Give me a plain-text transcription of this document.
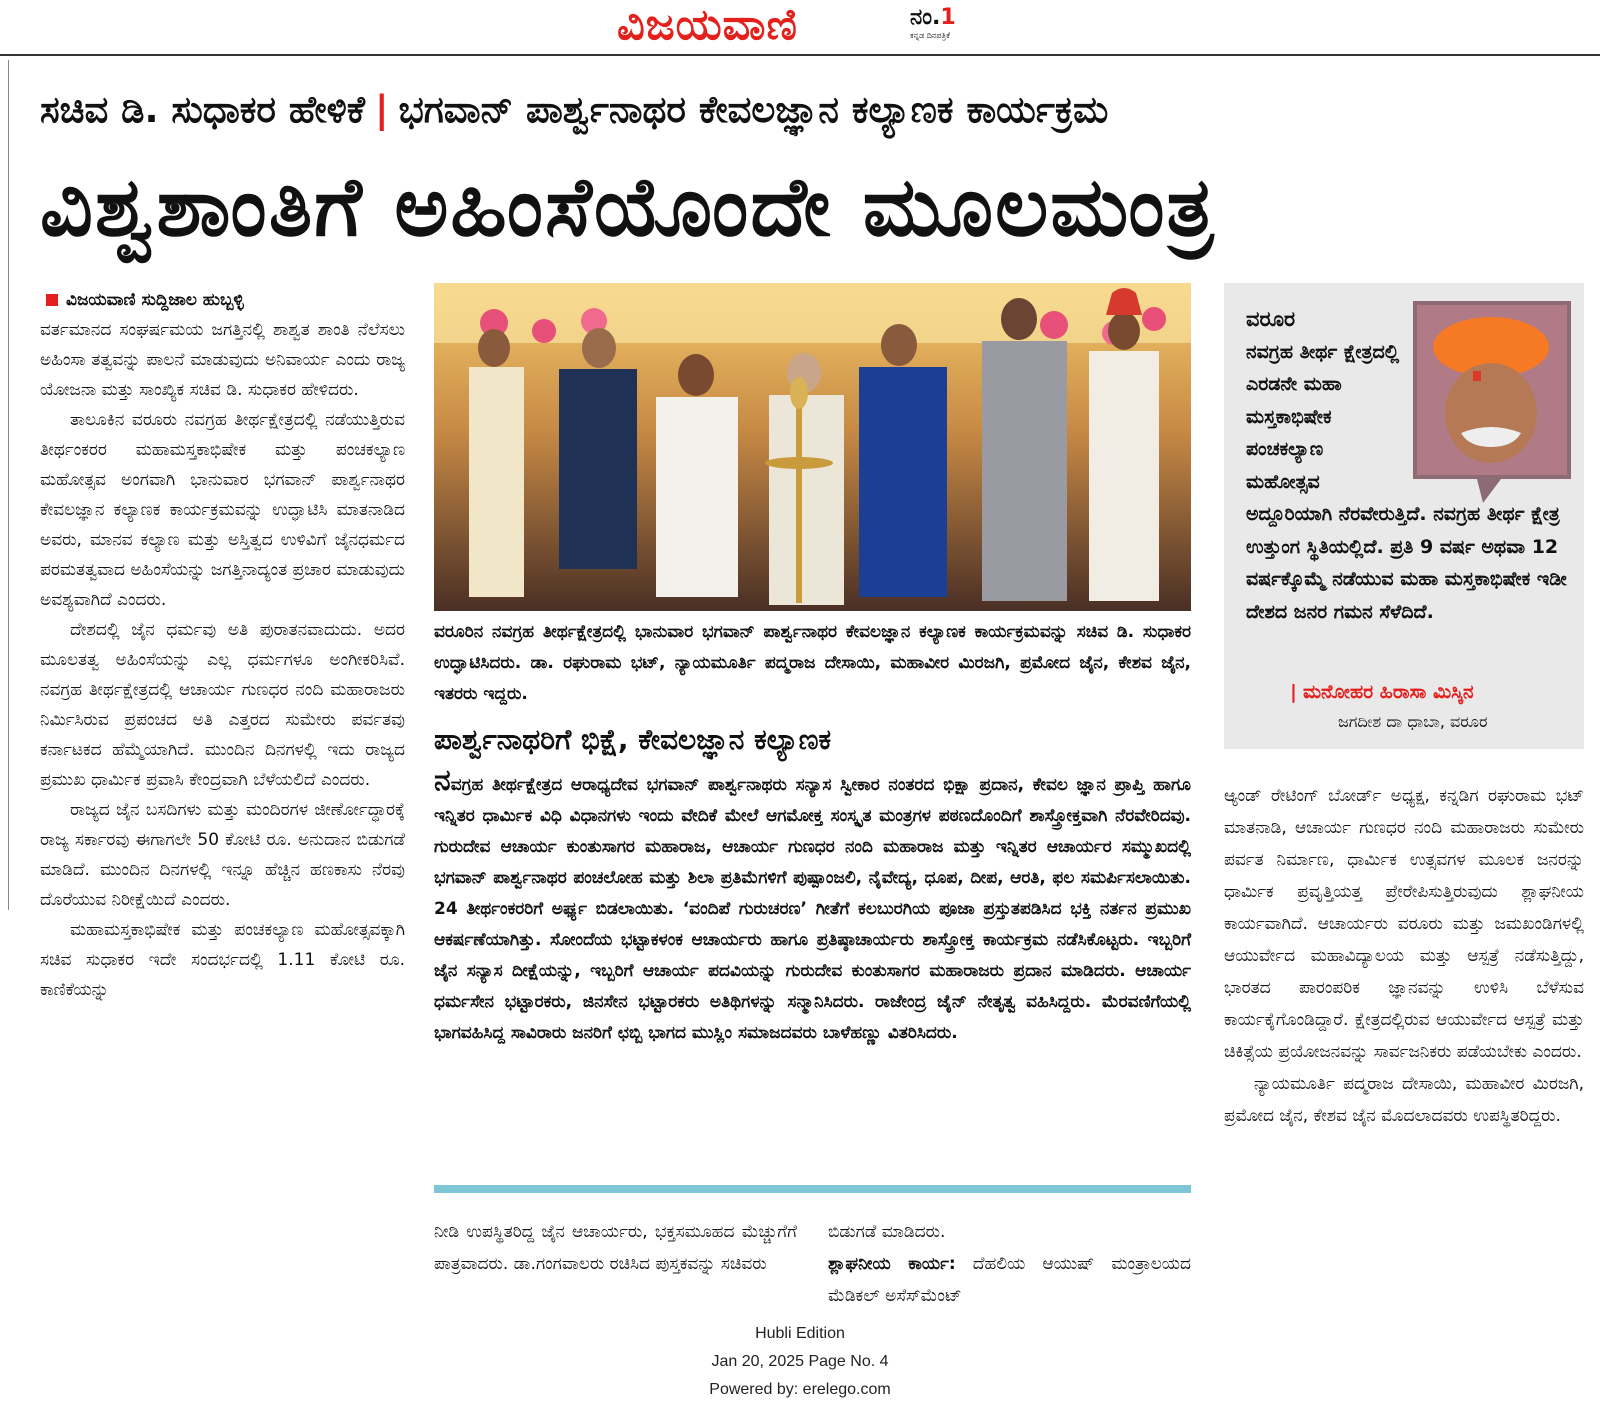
ವಿಜಯವಾಣಿ	ನಂ.1
ಕನ್ನಡ ದಿನಪತ್ರಿಕೆ
ಸಚಿವ ಡಿ. ಸುಧಾಕರ ಹೇಳಿಕೆ | ಭಗವಾನ್ ಪಾರ್ಶ್ವನಾಥರ ಕೇವಲಜ್ಞಾನ ಕಲ್ಯಾಣಕ ಕಾರ್ಯಕ್ರಮ
ವಿಶ್ವಶಾಂತಿಗೆ ಅಹಿಂಸೆಯೊಂದೇ ಮೂಲಮಂತ್ರ

ವಿಜಯವಾಣಿ ಸುದ್ದಿಜಾಲ ಹುಬ್ಬಳ್ಳಿ

ವರ್ತಮಾನದ ಸಂಘರ್ಷಮಯ ಜಗತ್ತಿನಲ್ಲಿ ಶಾಶ್ವತ ಶಾಂತಿ ನೆಲೆಸಲು ಅಹಿಂಸಾ ತತ್ವವನ್ನು ಪಾಲನೆ ಮಾಡುವುದು ಅನಿವಾರ್ಯ ಎಂದು ರಾಜ್ಯ ಯೋಜನಾ ಮತ್ತು ಸಾಂಖ್ಯಿಕ ಸಚಿವ ಡಿ. ಸುಧಾಕರ ಹೇಳಿದರು.

ತಾಲೂಕಿನ ವರೂರು ನವಗ್ರಹ ತೀರ್ಥಕ್ಷೇತ್ರದಲ್ಲಿ ನಡೆಯುತ್ತಿರುವ ತೀರ್ಥಂಕರರ ಮಹಾಮಸ್ತಕಾಭಿಷೇಕ ಮತ್ತು ಪಂಚಕಲ್ಯಾಣ ಮಹೋತ್ಸವ ಅಂಗವಾಗಿ ಭಾನುವಾರ ಭಗವಾನ್ ಪಾರ್ಶ್ವನಾಥರ ಕೇವಲಜ್ಞಾನ ಕಲ್ಯಾಣಕ ಕಾರ್ಯಕ್ರಮವನ್ನು ಉದ್ಘಾಟಿಸಿ ಮಾತನಾಡಿದ ಅವರು, ಮಾನವ ಕಲ್ಯಾಣ ಮತ್ತು ಅಸ್ತಿತ್ವದ ಉಳಿವಿಗೆ ಜೈನಧರ್ಮದ ಪರಮತತ್ವವಾದ ಅಹಿಂಸೆಯನ್ನು ಜಗತ್ತಿನಾದ್ಯಂತ ಪ್ರಚಾರ ಮಾಡುವುದು ಅವಶ್ಯವಾಗಿದೆ ಎಂದರು.

ದೇಶದಲ್ಲಿ ಜೈನ ಧರ್ಮವು ಅತಿ ಪುರಾತನವಾದುದು. ಅದರ ಮೂಲತತ್ವ ಅಹಿಂಸೆಯನ್ನು ಎಲ್ಲ ಧರ್ಮಗಳೂ ಅಂಗೀಕರಿಸಿವೆ. ನವಗ್ರಹ ತೀರ್ಥಕ್ಷೇತ್ರದಲ್ಲಿ ಆಚಾರ್ಯ ಗುಣಧರ ನಂದಿ ಮಹಾರಾಜರು ನಿರ್ಮಿಸಿರುವ ಪ್ರಪಂಚದ ಅತಿ ಎತ್ತರದ ಸುಮೇರು ಪರ್ವತವು ಕರ್ನಾಟಕದ ಹೆಮ್ಮೆಯಾಗಿದೆ. ಮುಂದಿನ ದಿನಗಳಲ್ಲಿ ಇದು ರಾಜ್ಯದ ಪ್ರಮುಖ ಧಾರ್ಮಿಕ ಪ್ರವಾಸಿ ಕೇಂದ್ರವಾಗಿ ಬೆಳೆಯಲಿದೆ ಎಂದರು.

ರಾಜ್ಯದ ಜೈನ ಬಸದಿಗಳು ಮತ್ತು ಮಂದಿರಗಳ ಜೀರ್ಣೋದ್ಧಾರಕ್ಕೆ ರಾಜ್ಯ ಸರ್ಕಾರವು ಈಗಾಗಲೇ 50 ಕೋಟಿ ರೂ. ಅನುದಾನ ಬಿಡುಗಡೆ ಮಾಡಿದೆ. ಮುಂದಿನ ದಿನಗಳಲ್ಲಿ ಇನ್ನೂ ಹೆಚ್ಚಿನ ಹಣಕಾಸು ನೆರವು ದೊರೆಯುವ ನಿರೀಕ್ಷೆಯಿದೆ ಎಂದರು.

ಮಹಾಮಸ್ತಕಾಭಿಷೇಕ ಮತ್ತು ಪಂಚಕಲ್ಯಾಣ ಮಹೋತ್ಸವಕ್ಕಾಗಿ ಸಚಿವ ಸುಧಾಕರ ಇದೇ ಸಂದರ್ಭದಲ್ಲಿ 1.11 ಕೋಟಿ ರೂ. ಕಾಣಿಕೆಯನ್ನು

ವರೂರಿನ ನವಗ್ರಹ ತೀರ್ಥಕ್ಷೇತ್ರದಲ್ಲಿ ಭಾನುವಾರ ಭಗವಾನ್ ಪಾರ್ಶ್ವನಾಥರ ಕೇವಲಜ್ಞಾನ ಕಲ್ಯಾಣಕ ಕಾರ್ಯಕ್ರಮವನ್ನು ಸಚಿವ ಡಿ. ಸುಧಾಕರ ಉದ್ಘಾಟಿಸಿದರು. ಡಾ. ರಘುರಾಮ ಭಟ್, ನ್ಯಾಯಮೂರ್ತಿ ಪದ್ಮರಾಜ ದೇಸಾಯಿ, ಮಹಾವೀರ ಮಿರಜಗಿ, ಪ್ರಮೋದ ಜೈನ, ಕೇಶವ ಜೈನ, ಇತರರು ಇದ್ದರು.
ಪಾರ್ಶ್ವನಾಥರಿಗೆ ಭಿಕ್ಷೆ, ಕೇವಲಜ್ಞಾನ ಕಲ್ಯಾಣಕ
ನವಗ್ರಹ ತೀರ್ಥಕ್ಷೇತ್ರದ ಆರಾಧ್ಯದೇವ ಭಗವಾನ್ ಪಾರ್ಶ್ವನಾಥರು ಸನ್ಯಾಸ ಸ್ವೀಕಾರ ನಂತರದ ಭಿಕ್ಷಾ ಪ್ರದಾನ, ಕೇವಲ ಜ್ಞಾನ ಪ್ರಾಪ್ತಿ ಹಾಗೂ ಇನ್ನಿತರ ಧಾರ್ಮಿಕ ವಿಧಿ ವಿಧಾನಗಳು ಇಂದು ವೇದಿಕೆ ಮೇಲೆ ಆಗಮೋಕ್ತ ಸಂಸ್ಕೃತ ಮಂತ್ರಗಳ ಪಠಣದೊಂದಿಗೆ ಶಾಸ್ತ್ರೋಕ್ತವಾಗಿ ನೆರವೇರಿದವು. ಗುರುದೇವ ಆಚಾರ್ಯ ಕುಂತುಸಾಗರ ಮಹಾರಾಜ, ಆಚಾರ್ಯ ಗುಣಧರ ನಂದಿ ಮಹಾರಾಜ ಮತ್ತು ಇನ್ನಿತರ ಆಚಾರ್ಯರ ಸಮ್ಮುಖದಲ್ಲಿ ಭಗವಾನ್ ಪಾರ್ಶ್ವನಾಥರ ಪಂಚಲೋಹ ಮತ್ತು ಶಿಲಾ ಪ್ರತಿಮೆಗಳಿಗೆ ಪುಷ್ಪಾಂಜಲಿ, ನೈವೇದ್ಯ, ಧೂಪ, ದೀಪ, ಆರತಿ, ಫಲ ಸಮರ್ಪಿಸಲಾಯಿತು. 24 ತೀರ್ಥಂಕರರಿಗೆ ಅರ್ಘ್ಯ ಬಿಡಲಾಯಿತು. ‘ವಂದಿಪೆ ಗುರುಚರಣ’ ಗೀತೆಗೆ ಕಲಬುರಗಿಯ ಪೂಜಾ ಪ್ರಸ್ತುತಪಡಿಸಿದ ಭಕ್ತಿ ನರ್ತನ ಪ್ರಮುಖ ಆಕರ್ಷಣೆಯಾಗಿತ್ತು. ಸೋಂದೆಯ ಭಟ್ಟಾಕಳಂಕ ಆಚಾರ್ಯರು ಹಾಗೂ ಪ್ರತಿಷ್ಠಾಚಾರ್ಯರು ಶಾಸ್ತ್ರೋಕ್ತ ಕಾರ್ಯಕ್ರಮ ನಡೆಸಿಕೊಟ್ಟರು. ಇಬ್ಬರಿಗೆ ಜೈನ ಸನ್ಯಾಸ ದೀಕ್ಷೆಯನ್ನು, ಇಬ್ಬರಿಗೆ ಆಚಾರ್ಯ ಪದವಿಯನ್ನು ಗುರುದೇವ ಕುಂತುಸಾಗರ ಮಹಾರಾಜರು ಪ್ರದಾನ ಮಾಡಿದರು. ಆಚಾರ್ಯ ಧರ್ಮಸೇನ ಭಟ್ಟಾರಕರು, ಜಿನಸೇನ ಭಟ್ಟಾರಕರು ಅತಿಥಿಗಳನ್ನು ಸನ್ಮಾನಿಸಿದರು. ರಾಜೇಂದ್ರ ಜೈನ್ ನೇತೃತ್ವ ವಹಿಸಿದ್ದರು. ಮೆರವಣಿಗೆಯಲ್ಲಿ ಭಾಗವಹಿಸಿದ್ದ ಸಾವಿರಾರು ಜನರಿಗೆ ಛಬ್ಬಿ ಭಾಗದ ಮುಸ್ಲಿಂ ಸಮಾಜದವರು ಬಾಳೆಹಣ್ಣು ವಿತರಿಸಿದರು.
ನೀಡಿ ಉಪಸ್ಥಿತರಿದ್ದ ಜೈನ ಆಚಾರ್ಯರು, ಭಕ್ತಸಮೂಹದ ಮೆಚ್ಚುಗೆಗೆ ಪಾತ್ರವಾದರು. ಡಾ.ಗಂಗವಾಲರು ರಚಿಸಿದ ಪುಸ್ತಕವನ್ನು ಸಚಿವರು
ಬಿಡುಗಡೆ ಮಾಡಿದರು.
ಶ್ಲಾಘನೀಯ ಕಾರ್ಯ: ದೆಹಲಿಯ ಆಯುಷ್ ಮಂತ್ರಾಲಯದ ಮೆಡಿಕಲ್ ಅಸೆಸ್‌ಮೆಂಟ್
ವರೂರ
ನವಗ್ರಹ ತೀರ್ಥ ಕ್ಷೇತ್ರದಲ್ಲಿ ಎರಡನೇ ಮಹಾ ಮಸ್ತಕಾಭಿಷೇಕ ಪಂಚಕಲ್ಯಾಣ ಮಹೋತ್ಸವ
ಅದ್ದೂರಿಯಾಗಿ ನೆರವೇರುತ್ತಿದೆ. ನವಗ್ರಹ ತೀರ್ಥ ಕ್ಷೇತ್ರ ಉತ್ತುಂಗ ಸ್ಥಿತಿಯಲ್ಲಿದೆ. ಪ್ರತಿ 9 ವರ್ಷ ಅಥವಾ 12 ವರ್ಷಕ್ಕೊಮ್ಮೆ ನಡೆಯುವ ಮಹಾ ಮಸ್ತಕಾಭಿಷೇಕ ಇಡೀ ದೇಶದ ಜನರ ಗಮನ ಸೆಳೆದಿದೆ.
| ಮನೋಹರ ಹಿರಾಸಾ ಮಿಸ್ಕಿನ
ಜಗದೀಶ ದಾ ಧಾಬಾ, ವರೂರ

ಆ್ಯಂಡ್ ರೇಟಿಂಗ್ ಬೋರ್ಡ್ ಅಧ್ಯಕ್ಷ, ಕನ್ನಡಿಗ ರಘುರಾಮ ಭಟ್ ಮಾತನಾಡಿ, ಆಚಾರ್ಯ ಗುಣಧರ ನಂದಿ ಮಹಾರಾಜರು ಸುಮೇರು ಪರ್ವತ ನಿರ್ಮಾಣ, ಧಾರ್ಮಿಕ ಉತ್ಸವಗಳ ಮೂಲಕ ಜನರನ್ನು ಧಾರ್ಮಿಕ ಪ್ರವೃತ್ತಿಯತ್ತ ಪ್ರೇರೇಪಿಸುತ್ತಿರುವುದು ಶ್ಲಾಘನೀಯ ಕಾರ್ಯವಾಗಿದೆ. ಆಚಾರ್ಯರು ವರೂರು ಮತ್ತು ಜಮಖಂಡಿಗಳಲ್ಲಿ ಆಯುರ್ವೇದ ಮಹಾವಿದ್ಯಾಲಯ ಮತ್ತು ಆಸ್ಪತ್ರೆ ನಡೆಸುತ್ತಿದ್ದು, ಭಾರತದ ಪಾರಂಪರಿಕ ಜ್ಞಾನವನ್ನು ಉಳಿಸಿ ಬೆಳೆಸುವ ಕಾರ್ಯಕೈಗೊಂಡಿದ್ದಾರೆ. ಕ್ಷೇತ್ರದಲ್ಲಿರುವ ಆಯುರ್ವೇದ ಆಸ್ಪತ್ರೆ ಮತ್ತು ಚಿಕಿತ್ಸೆಯ ಪ್ರಯೋಜನವನ್ನು ಸಾರ್ವಜನಿಕರು ಪಡೆಯಬೇಕು ಎಂದರು.

ನ್ಯಾಯಮೂರ್ತಿ ಪದ್ಮರಾಜ ದೇಸಾಯಿ, ಮಹಾವೀರ ಮಿರಜಗಿ, ಪ್ರಮೋದ ಜೈನ, ಕೇಶವ ಜೈನ ಮೊದಲಾದವರು ಉಪಸ್ಥಿತರಿದ್ದರು.

Hubli Edition
Jan 20, 2025 Page No. 4
Powered by: erelego.com
